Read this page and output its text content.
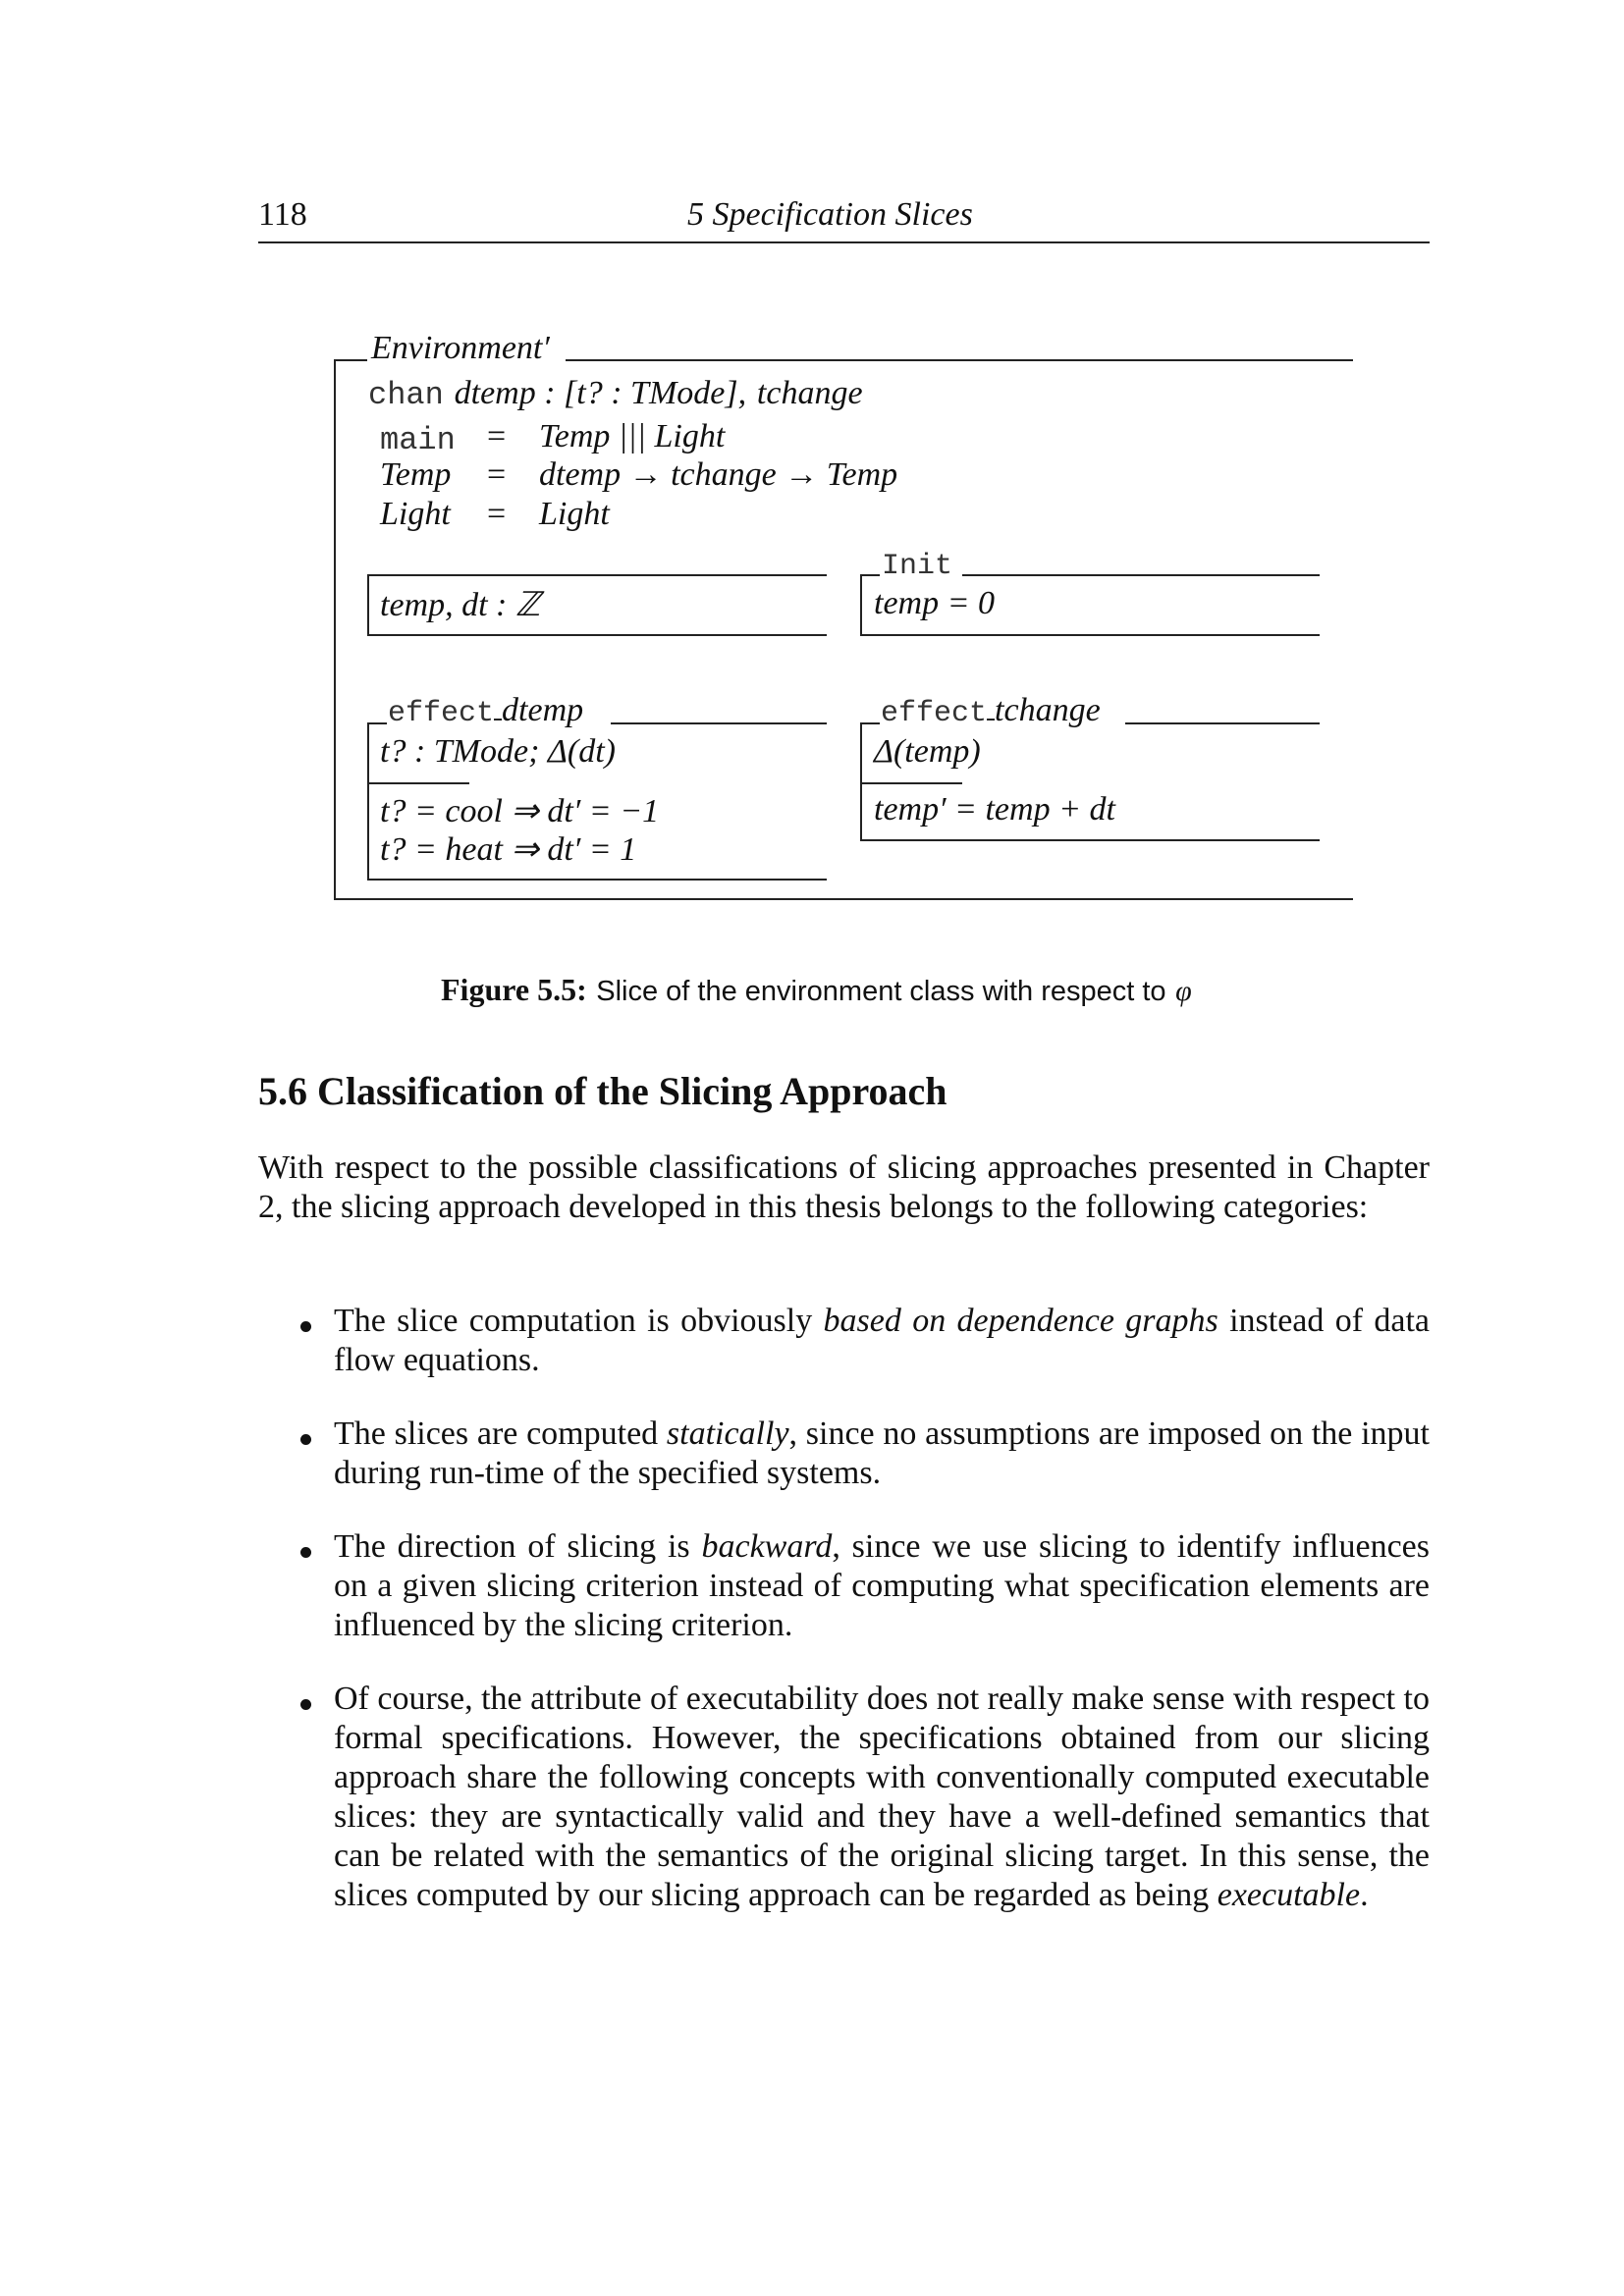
118	5 Specification Slices
Environment′
chan dtemp : [t? : TMode], tchange
main = Temp ||| Light
Temp = dtemp → tchange → Temp
Light = Light
temp, dt : ℤ
Init
temp = 0
effect dtemp
t? : TMode; Δ(dt)
t? = cool ⇒ dt′ = −1
t? = heat ⇒ dt′ = 1
effect tchange
Δ(temp)
temp′ = temp + dt
Figure 5.5: Slice of the environment class with respect to φ
5.6 Classification of the Slicing Approach
With respect to the possible classifications of slicing approaches presented in Chapter 2, the slicing approach developed in this thesis belongs to the following categories:
The slice computation is obviously based on dependence graphs instead of data flow equations.
The slices are computed statically, since no assumptions are imposed on the input during run-time of the specified systems.
The direction of slicing is backward, since we use slicing to identify influences on a given slicing criterion instead of computing what specification elements are influenced by the slicing criterion.
Of course, the attribute of executability does not really make sense with respect to formal specifications. However, the specifications obtained from our slicing approach share the following concepts with conventionally computed executable slices: they are syntactically valid and they have a well-defined semantics that can be related with the semantics of the original slicing target. In this sense, the slices computed by our slicing approach can be regarded as being executable.
